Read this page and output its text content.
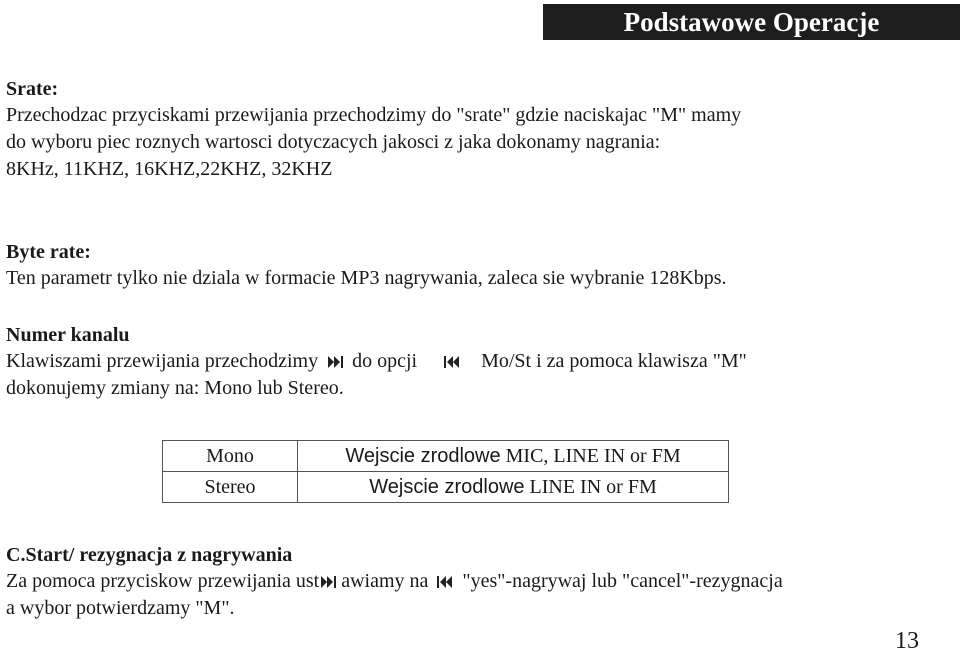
Podstawowe Operacje

Srate:

Przechodzac przyciskami przewijania przechodzimy do "srate" gdzie naciskajac "M" mamy

do wyboru piec roznych wartosci dotyczacych jakosci z jaka dokonamy nagrania:

8KHz, 11KHZ, 16KHZ,22KHZ, 32KHZ

Byte rate:

Ten parametr tylko nie dziala w formacie MP3 nagrywania, zaleca sie wybranie 128Kbps.

Numer kanalu

Klawiszami przewijania przechodzimy do opcji	Mo/St i za pomoca klawisza "M"

dokonujemy zmiany na: Mono lub Stereo.

Mono	Wejscie zrodlowe MIC, LINE IN or FM
Stereo	Wejscie zrodlowe LINE IN or FM

C.Start/ rezygnacja z nagrywania

Za pomoca przyciskow przewijania ust awiamy na "yes"-nagrywaj lub "cancel"-rezygnacja

a wybor potwierdzamy "M".

13
